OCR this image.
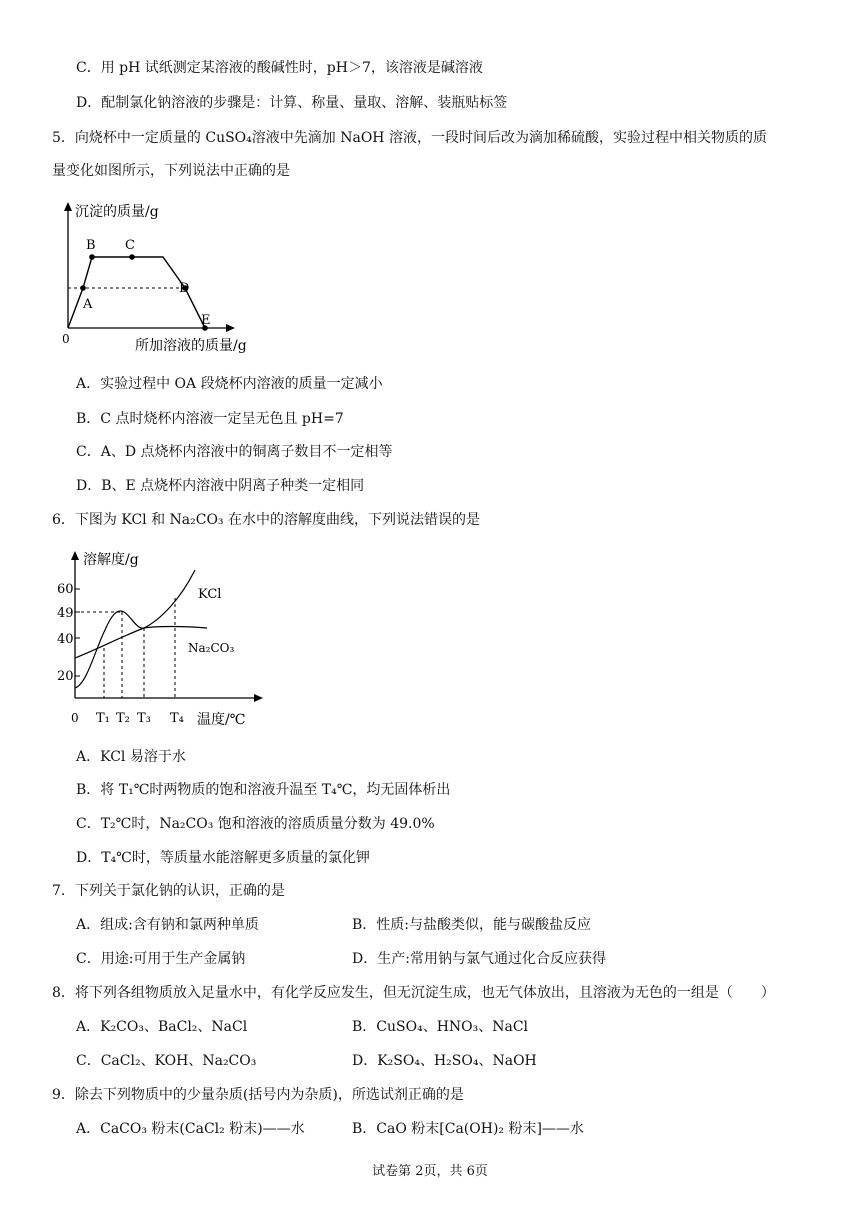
C．用 pH 试纸测定某溶液的酸碱性时，pH＞7，该溶液是碱溶液
D．配制氯化钠溶液的步骤是：计算、称量、量取、溶解、装瓶贴标签
5．向烧杯中一定质量的 CuSO₄溶液中先滴加 NaOH 溶液，一段时间后改为滴加稀硫酸，实验过程中相关物质的质
量变化如图所示，下列说法中正确的是
沉淀的质量/g
所加溶液的质量/g
0
A
B C
D
E
A．实验过程中 OA 段烧杯内溶液的质量一定减小
B．C 点时烧杯内溶液一定呈无色且 pH=7
C．A、D 点烧杯内溶液中的铜离子数目不一定相等
D．B、E 点烧杯内溶液中阴离子种类一定相同
6．下图为 KCl 和 Na₂CO₃ 在水中的溶解度曲线，下列说法错误的是
溶解度/g
温度/℃
0
60
49
40
20
T₁ T₂ T₃ T₄
KCl
Na₂CO₃
A．KCl 易溶于水
B．将 T₁℃时两物质的饱和溶液升温至 T₄℃，均无固体析出
C．T₂℃时，Na₂CO₃ 饱和溶液的溶质质量分数为 49.0%
D．T₄℃时，等质量水能溶解更多质量的氯化钾
7．下列关于氯化钠的认识，正确的是
A．组成:含有钠和氯两种单质	B．性质:与盐酸类似，能与碳酸盐反应
C．用途:可用于生产金属钠	D．生产:常用钠与氯气通过化合反应获得
8．将下列各组物质放入足量水中，有化学反应发生，但无沉淀生成，也无气体放出，且溶液为无色的一组是（　　）
A．K₂CO₃、BaCl₂、NaCl	B．CuSO₄、HNO₃、NaCl
C．CaCl₂、KOH、Na₂CO₃	D．K₂SO₄、H₂SO₄、NaOH
9．除去下列物质中的少量杂质(括号内为杂质)，所选试剂正确的是
A．CaCO₃ 粉末(CaCl₂ 粉末)——水	B．CaO 粉末[Ca(OH)₂ 粉末]——水
试卷第 2页，共 6页
